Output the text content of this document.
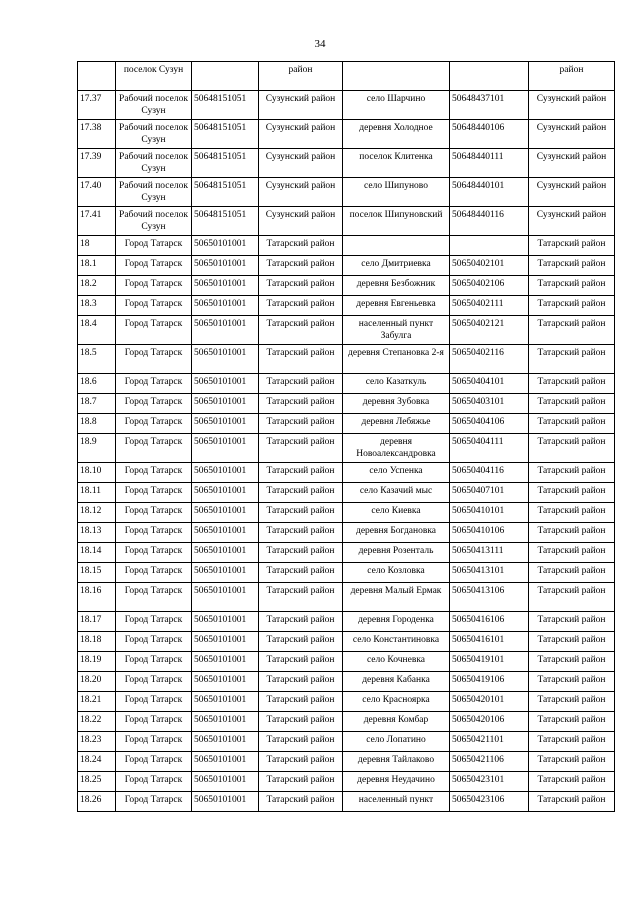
34
	поселок Сузун		район			район
17.37	Рабочий поселок Сузун	50648151051	Сузунский район	село Шарчино	50648437101	Сузунский район
17.38	Рабочий поселок Сузун	50648151051	Сузунский район	деревня Холодное	50648440106	Сузунский район
17.39	Рабочий поселок Сузун	50648151051	Сузунский район	поселок Клитенка	50648440111	Сузунский район
17.40	Рабочий поселок Сузун	50648151051	Сузунский район	село Шипуново	50648440101	Сузунский район
17.41	Рабочий поселок Сузун	50648151051	Сузунский район	поселок Шипуновский	50648440116	Сузунский район
18	Город Татарск	50650101001	Татарский район			Татарский район
18.1	Город Татарск	50650101001	Татарский район	село Дмитриевка	50650402101	Татарский район
18.2	Город Татарск	50650101001	Татарский район	деревня Безбожник	50650402106	Татарский район
18.3	Город Татарск	50650101001	Татарский район	деревня Евгеньевка	50650402111	Татарский район
18.4	Город Татарск	50650101001	Татарский район	населенный пункт Забулга	50650402121	Татарский район
18.5	Город Татарск	50650101001	Татарский район	деревня Степановка 2-я	50650402116	Татарский район
18.6	Город Татарск	50650101001	Татарский район	село Казаткуль	50650404101	Татарский район
18.7	Город Татарск	50650101001	Татарский район	деревня Зубовка	50650403101	Татарский район
18.8	Город Татарск	50650101001	Татарский район	деревня Лебяжье	50650404106	Татарский район
18.9	Город Татарск	50650101001	Татарский район	деревня Новоалександровка	50650404111	Татарский район
18.10	Город Татарск	50650101001	Татарский район	село Успенка	50650404116	Татарский район
18.11	Город Татарск	50650101001	Татарский район	село Казачий мыс	50650407101	Татарский район
18.12	Город Татарск	50650101001	Татарский район	село Киевка	50650410101	Татарский район
18.13	Город Татарск	50650101001	Татарский район	деревня Богдановка	50650410106	Татарский район
18.14	Город Татарск	50650101001	Татарский район	деревня Розенталь	50650413111	Татарский район
18.15	Город Татарск	50650101001	Татарский район	село Козловка	50650413101	Татарский район
18.16	Город Татарск	50650101001	Татарский район	деревня Малый Ермак	50650413106	Татарский район
18.17	Город Татарск	50650101001	Татарский район	деревня Городенка	50650416106	Татарский район
18.18	Город Татарск	50650101001	Татарский район	село Константиновка	50650416101	Татарский район
18.19	Город Татарск	50650101001	Татарский район	село Кочневка	50650419101	Татарский район
18.20	Город Татарск	50650101001	Татарский район	деревня Кабанка	50650419106	Татарский район
18.21	Город Татарск	50650101001	Татарский район	село Красноярка	50650420101	Татарский район
18.22	Город Татарск	50650101001	Татарский район	деревня Комбар	50650420106	Татарский район
18.23	Город Татарск	50650101001	Татарский район	село Лопатино	50650421101	Татарский район
18.24	Город Татарск	50650101001	Татарский район	деревня Тайлаково	50650421106	Татарский район
18.25	Город Татарск	50650101001	Татарский район	деревня Неудачино	50650423101	Татарский район
18.26	Город Татарск	50650101001	Татарский район	населенный пункт	50650423106	Татарский район
